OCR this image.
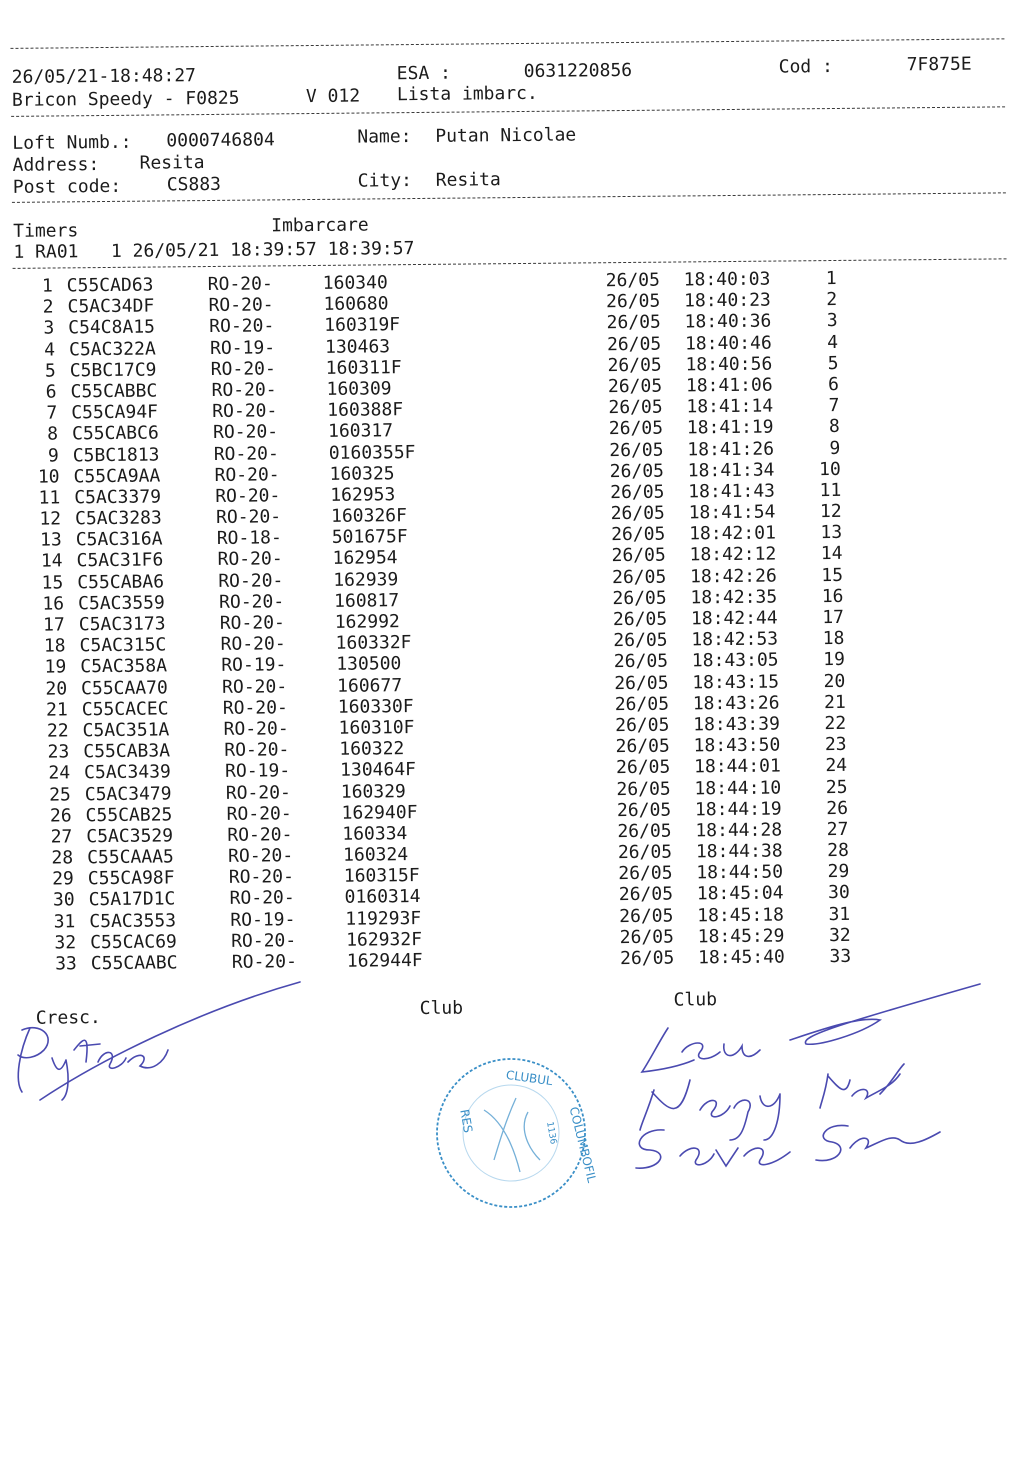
26/05/21-18:48:27	ESA :	0631220856	Cod :	7F875E
Bricon Speedy - F0825	V 012 Lista imbarc.
Loft Numb.: 0000746804	Name: Putan Nicolae
Address: Resita
Post code:	CS883	City: Resita
Timers	Imbarcare
1 RA01   1 26/05/21 18:39:57 18:39:57
1 C55CAD63	RO-20-	160340	26/05 18:40:03	1
2 C5AC34DF	RO-20-	160680	26/05 18:40:23	2
3 C54C8A15	RO-20-	160319F	26/05 18:40:36	3
4 C5AC322A	RO-19-	130463	26/05 18:40:46	4
5 C5BC17C9	RO-20-	160311F	26/05 18:40:56	5
6 C55CABBC	RO-20-	160309	26/05 18:41:06	6
7 C55CA94F	RO-20-	160388F	26/05 18:41:14	7
8 C55CABC6	RO-20-	160317	26/05 18:41:19	8
9 C5BC1813	RO-20-	0160355F	26/05 18:41:26	9
10 C55CA9AA	RO-20-	160325	26/05 18:41:34	10
11 C5AC3379	RO-20-	162953	26/05 18:41:43	11
12 C5AC3283	RO-20-	160326F	26/05 18:41:54	12
13 C5AC316A	RO-18-	501675F	26/05 18:42:01	13
14 C5AC31F6	RO-20-	162954	26/05 18:42:12	14
15 C55CABA6	RO-20-	162939	26/05 18:42:26	15
16 C5AC3559	RO-20-	160817	26/05 18:42:35	16
17 C5AC3173	RO-20-	162992	26/05 18:42:44	17
18 C5AC315C	RO-20-	160332F	26/05 18:42:53	18
19 C5AC358A	RO-19-	130500	26/05 18:43:05	19
20 C55CAA70	RO-20-	160677	26/05 18:43:15	20
21 C55CACEC	RO-20-	160330F	26/05 18:43:26	21
22 C5AC351A	RO-20-	160310F	26/05 18:43:39	22
23 C55CAB3A	RO-20-	160322	26/05 18:43:50	23
24 C5AC3439	RO-19-	130464F	26/05 18:44:01	24
25 C5AC3479	RO-20-	160329	26/05 18:44:10	25
26 C55CAB25	RO-20-	162940F	26/05 18:44:19	26
27 C5AC3529	RO-20-	160334	26/05 18:44:28	27
28 C55CAAA5	RO-20-	160324	26/05 18:44:38	28
29 C55CA98F	RO-20-	160315F	26/05 18:44:50	29
30 C5A17D1C	RO-20-	0160314	26/05 18:45:04	30
31 C5AC3553	RO-19-	119293F	26/05 18:45:18	31
32 C55CAC69	RO-20-	162932F	26/05 18:45:29	32
33 C55CAABC	RO-20-	162944F	26/05 18:45:40	33
Cresc.	Club	Club
CLUBUL
RES	COLUMBOFIL
1136
